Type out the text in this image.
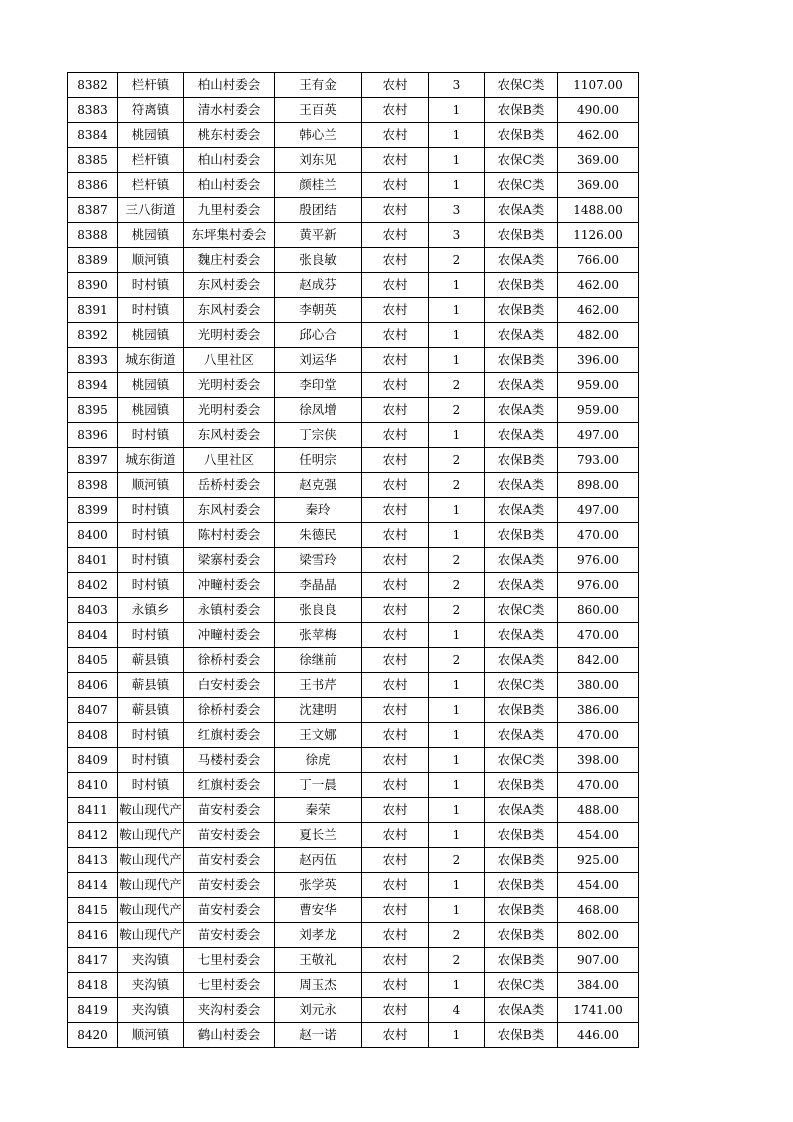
8382	栏杆镇	柏山村委会	王有金	农村	3	农保C类	1107.00
8383	符离镇	清水村委会	王百英	农村	1	农保B类	490.00
8384	桃园镇	桃东村委会	韩心兰	农村	1	农保B类	462.00
8385	栏杆镇	柏山村委会	刘东见	农村	1	农保C类	369.00
8386	栏杆镇	柏山村委会	颜桂兰	农村	1	农保C类	369.00
8387	三八街道	九里村委会	殷团结	农村	3	农保A类	1488.00
8388	桃园镇	东坪集村委会	黄平新	农村	3	农保B类	1126.00
8389	顺河镇	魏庄村委会	张良敏	农村	2	农保A类	766.00
8390	时村镇	东风村委会	赵成芬	农村	1	农保B类	462.00
8391	时村镇	东风村委会	李朝英	农村	1	农保B类	462.00
8392	桃园镇	光明村委会	邱心合	农村	1	农保A类	482.00
8393	城东街道	八里社区	刘运华	农村	1	农保B类	396.00
8394	桃园镇	光明村委会	李印堂	农村	2	农保A类	959.00
8395	桃园镇	光明村委会	徐凤增	农村	2	农保A类	959.00
8396	时村镇	东风村委会	丁宗侠	农村	1	农保A类	497.00
8397	城东街道	八里社区	任明宗	农村	2	农保B类	793.00
8398	顺河镇	岳桥村委会	赵克强	农村	2	农保A类	898.00
8399	时村镇	东风村委会	秦玲	农村	1	农保A类	497.00
8400	时村镇	陈村村委会	朱德民	农村	1	农保B类	470.00
8401	时村镇	梁寨村委会	梁雪玲	农村	2	农保A类	976.00
8402	时村镇	冲疃村委会	李晶晶	农村	2	农保A类	976.00
8403	永镇乡	永镇村委会	张良良	农村	2	农保C类	860.00
8404	时村镇	冲疃村委会	张苹梅	农村	1	农保A类	470.00
8405	蕲县镇	徐桥村委会	徐继前	农村	2	农保A类	842.00
8406	蕲县镇	白安村委会	王书芹	农村	1	农保C类	380.00
8407	蕲县镇	徐桥村委会	沈建明	农村	1	农保B类	386.00
8408	时村镇	红旗村委会	王文娜	农村	1	农保A类	470.00
8409	时村镇	马楼村委会	徐虎	农村	1	农保C类	398.00
8410	时村镇	红旗村委会	丁一晨	农村	1	农保B类	470.00
8411	鞍山现代产	苗安村委会	秦荣	农村	1	农保A类	488.00
8412	鞍山现代产	苗安村委会	夏长兰	农村	1	农保B类	454.00
8413	鞍山现代产	苗安村委会	赵丙伍	农村	2	农保B类	925.00
8414	鞍山现代产	苗安村委会	张学英	农村	1	农保B类	454.00
8415	鞍山现代产	苗安村委会	曹安华	农村	1	农保B类	468.00
8416	鞍山现代产	苗安村委会	刘孝龙	农村	2	农保B类	802.00
8417	夹沟镇	七里村委会	王敬礼	农村	2	农保B类	907.00
8418	夹沟镇	七里村委会	周玉杰	农村	1	农保C类	384.00
8419	夹沟镇	夹沟村委会	刘元永	农村	4	农保A类	1741.00
8420	顺河镇	鹤山村委会	赵一诺	农村	1	农保B类	446.00
